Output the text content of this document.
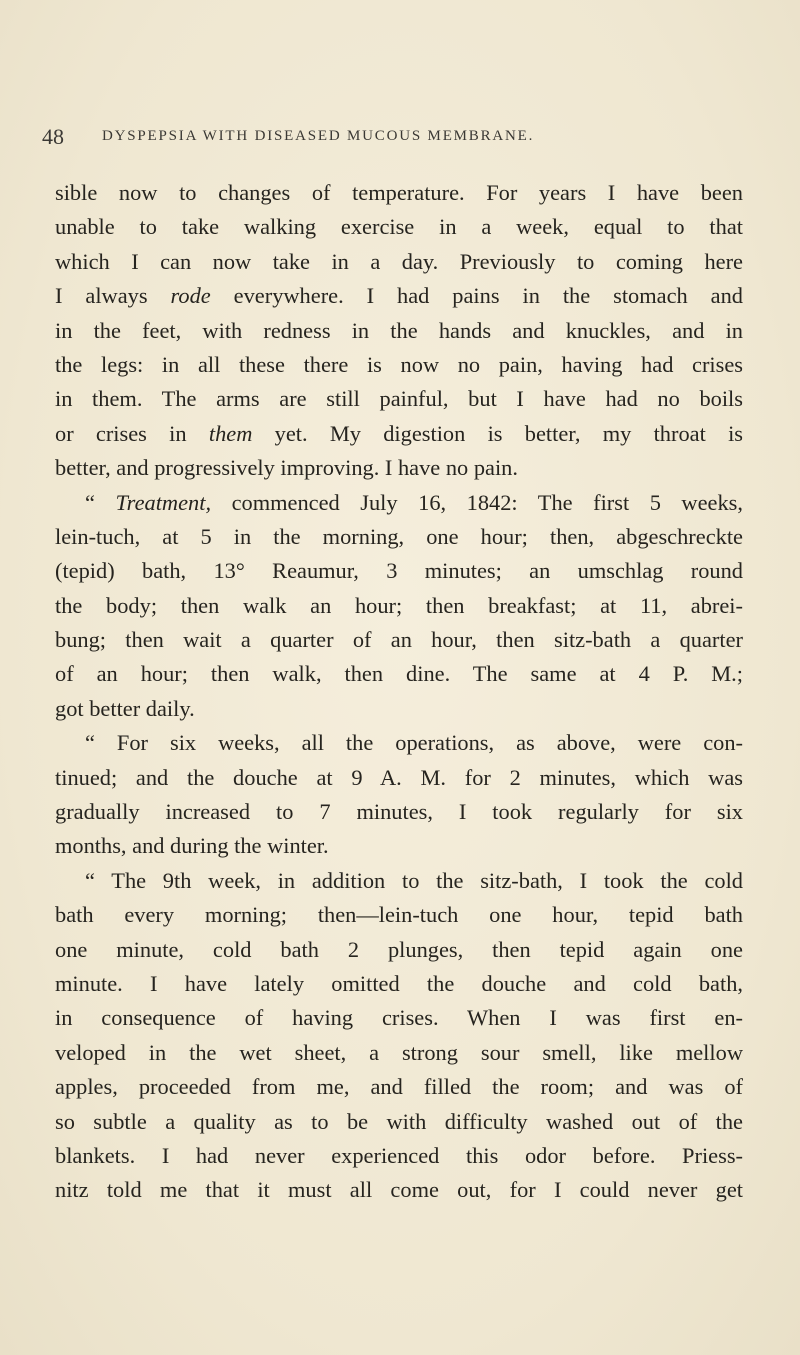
48	DYSPEPSIA WITH DISEASED MUCOUS MEMBRANE.
sible now to changes of temperature. For years I have been
unable to take walking exercise in a week, equal to that
which I can now take in a day. Previously to coming here
I always rode everywhere. I had pains in the stomach and
in the feet, with redness in the hands and knuckles, and in
the legs: in all these there is now no pain, having had crises
in them. The arms are still painful, but I have had no boils
or crises in them yet. My digestion is better, my throat is
better, and progressively improving. I have no pain.
“ Treatment, commenced July 16, 1842: The first 5 weeks,
lein-tuch, at 5 in the morning, one hour; then, abgeschreckte
(tepid) bath, 13° Reaumur, 3 minutes; an umschlag round
the body; then walk an hour; then breakfast; at 11, abrei-
bung; then wait a quarter of an hour, then sitz-bath a quarter
of an hour; then walk, then dine. The same at 4 P. M.;
got better daily.
“ For six weeks, all the operations, as above, were con-
tinued; and the douche at 9 A. M. for 2 minutes, which was
gradually increased to 7 minutes, I took regularly for six
months, and during the winter.
“ The 9th week, in addition to the sitz-bath, I took the cold
bath every morning; then—lein-tuch one hour, tepid bath
one minute, cold bath 2 plunges, then tepid again one
minute. I have lately omitted the douche and cold bath,
in consequence of having crises. When I was first en-
veloped in the wet sheet, a strong sour smell, like mellow
apples, proceeded from me, and filled the room; and was of
so subtle a quality as to be with difficulty washed out of the
blankets. I had never experienced this odor before. Priess-
nitz told me that it must all come out, for I could never get
